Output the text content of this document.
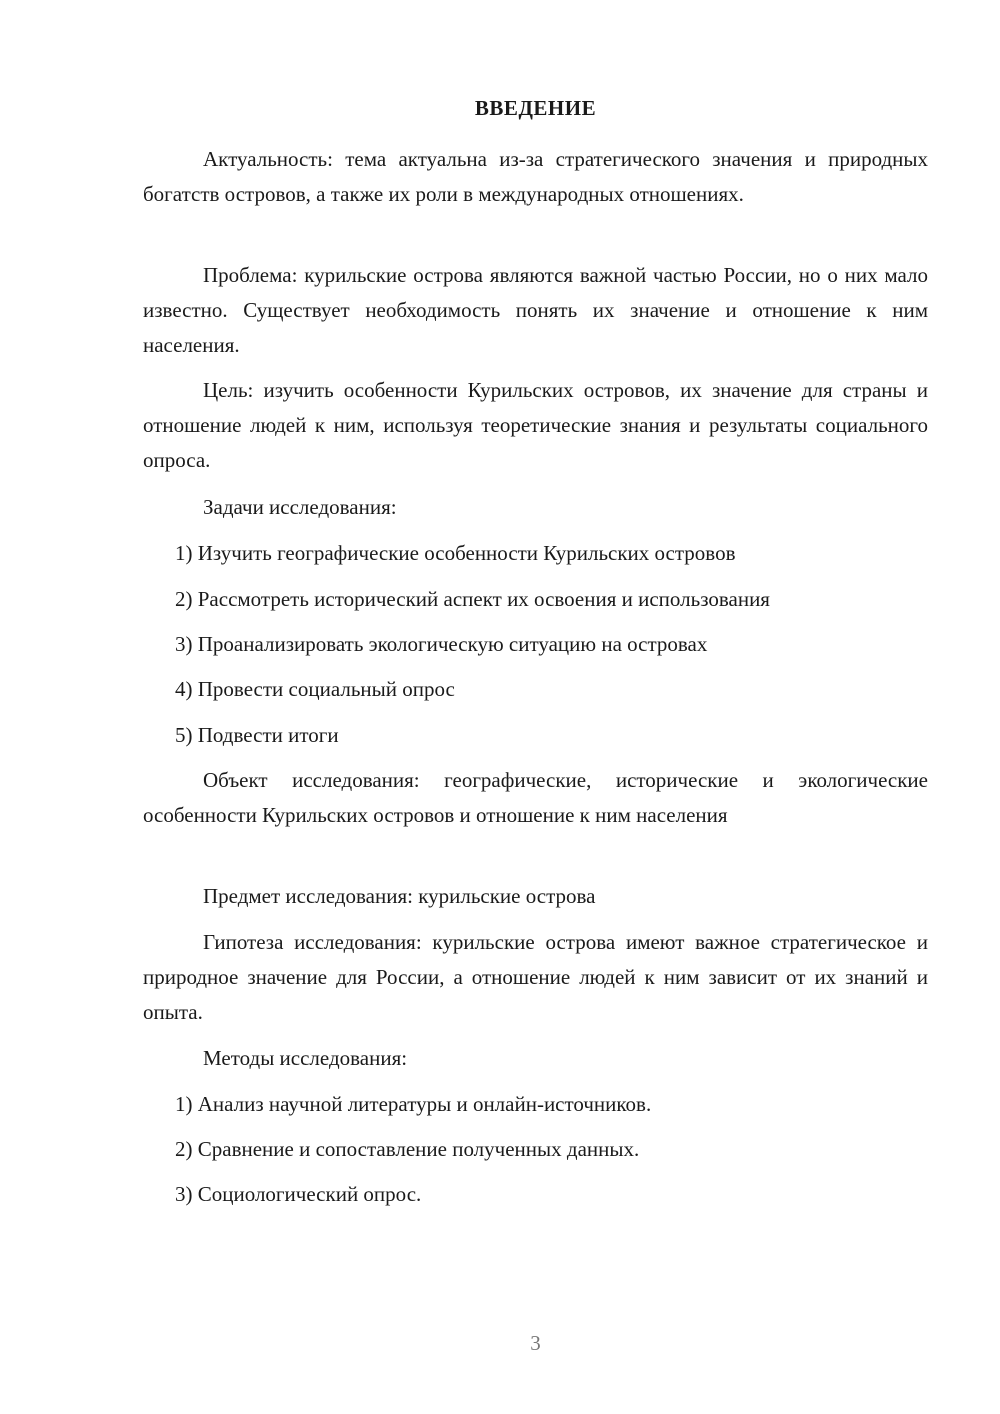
ВВЕДЕНИЕ

Актуальность: тема актуальна из-за стратегического значения и природных богатств островов, а также их роли в международных отношениях.

Проблема: курильские острова являются важной частью России, но о них мало известно. Существует необходимость понять их значение и отношение к ним населения.

Цель: изучить особенности Курильских островов, их значение для страны и отношение людей к ним, используя теоретические знания и результаты социального опроса.

Задачи исследования:

1) Изучить географические особенности Курильских островов

2) Рассмотреть исторический аспект их освоения и использования

3) Проанализировать экологическую ситуацию на островах

4) Провести социальный опрос

5) Подвести итоги

Объект исследования: географические, исторические и экологические особенности Курильских островов и отношение к ним населения

Предмет исследования: курильские острова

Гипотеза исследования: курильские острова имеют важное стратегическое и природное значение для России, а отношение людей к ним зависит от их знаний и опыта.

Методы исследования:

1) Анализ научной литературы и онлайн-источников.

2) Сравнение и сопоставление полученных данных.

3) Социологический опрос.

3
